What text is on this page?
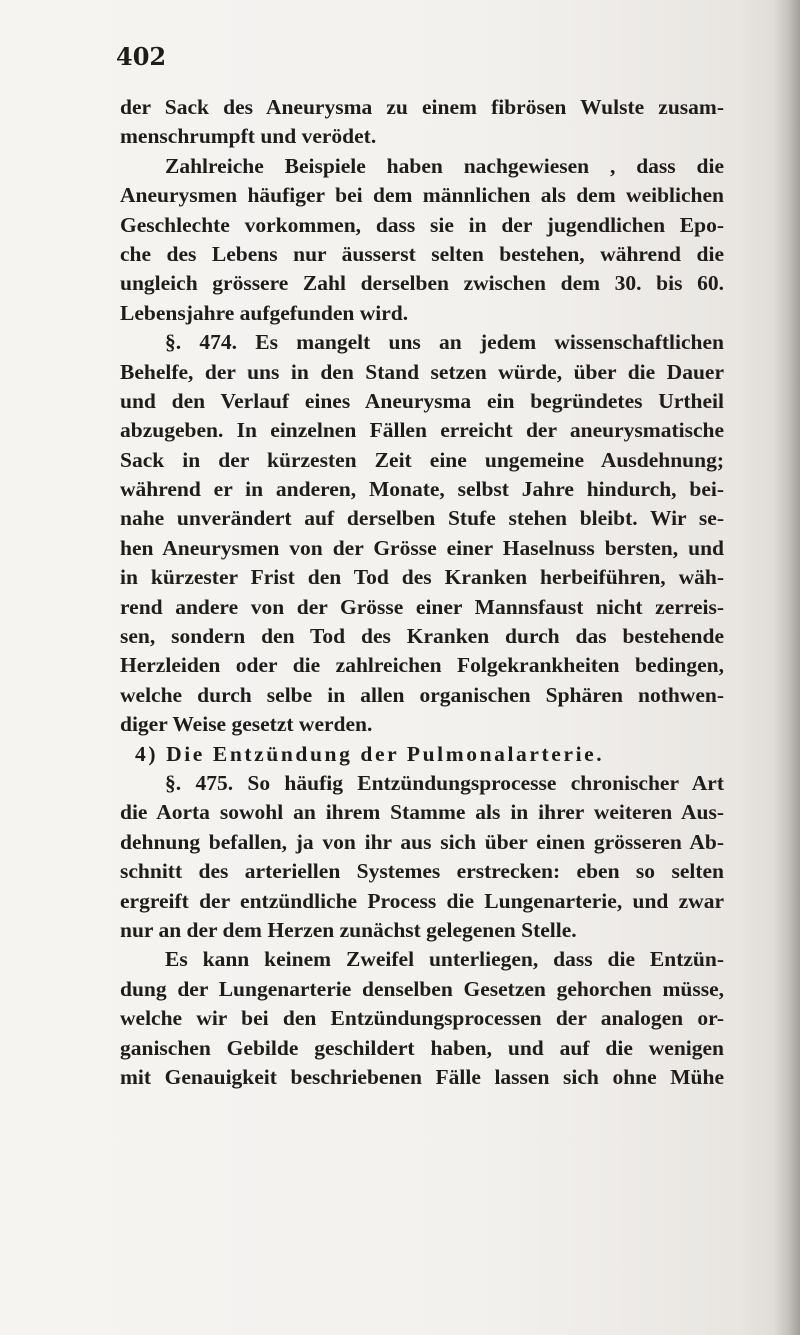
402

der Sack des Aneurysma zu einem fibrösen Wulste zusam-
menschrumpft und verödet.
Zahlreiche Beispiele haben nachgewiesen , dass die
Aneurysmen häufiger bei dem männlichen als dem weiblichen
Geschlechte vorkommen, dass sie in der jugendlichen Epo-
che des Lebens nur äusserst selten bestehen, während die
ungleich grössere Zahl derselben zwischen dem 30. bis 60.
Lebensjahre aufgefunden wird.
§. 474. Es mangelt uns an jedem wissenschaftlichen
Behelfe, der uns in den Stand setzen würde, über die Dauer
und den Verlauf eines Aneurysma ein begründetes Urtheil
abzugeben. In einzelnen Fällen erreicht der aneurysmatische
Sack in der kürzesten Zeit eine ungemeine Ausdehnung;
während er in anderen, Monate, selbst Jahre hindurch, bei-
nahe unverändert auf derselben Stufe stehen bleibt. Wir se-
hen Aneurysmen von der Grösse einer Haselnuss bersten, und
in kürzester Frist den Tod des Kranken herbeiführen, wäh-
rend andere von der Grösse einer Mannsfaust nicht zerreis-
sen, sondern den Tod des Kranken durch das bestehende
Herzleiden oder die zahlreichen Folgekrankheiten bedingen,
welche durch selbe in allen organischen Sphären nothwen-
diger Weise gesetzt werden.
4) Die Entzündung der Pulmonalarterie.
§. 475. So häufig Entzündungsprocesse chronischer Art
die Aorta sowohl an ihrem Stamme als in ihrer weiteren Aus-
dehnung befallen, ja von ihr aus sich über einen grösseren Ab-
schnitt des arteriellen Systemes erstrecken: eben so selten
ergreift der entzündliche Process die Lungenarterie, und zwar
nur an der dem Herzen zunächst gelegenen Stelle.
Es kann keinem Zweifel unterliegen, dass die Entzün-
dung der Lungenarterie denselben Gesetzen gehorchen müsse,
welche wir bei den Entzündungsprocessen der analogen or-
ganischen Gebilde geschildert haben, und auf die wenigen
mit Genauigkeit beschriebenen Fälle lassen sich ohne Mühe
